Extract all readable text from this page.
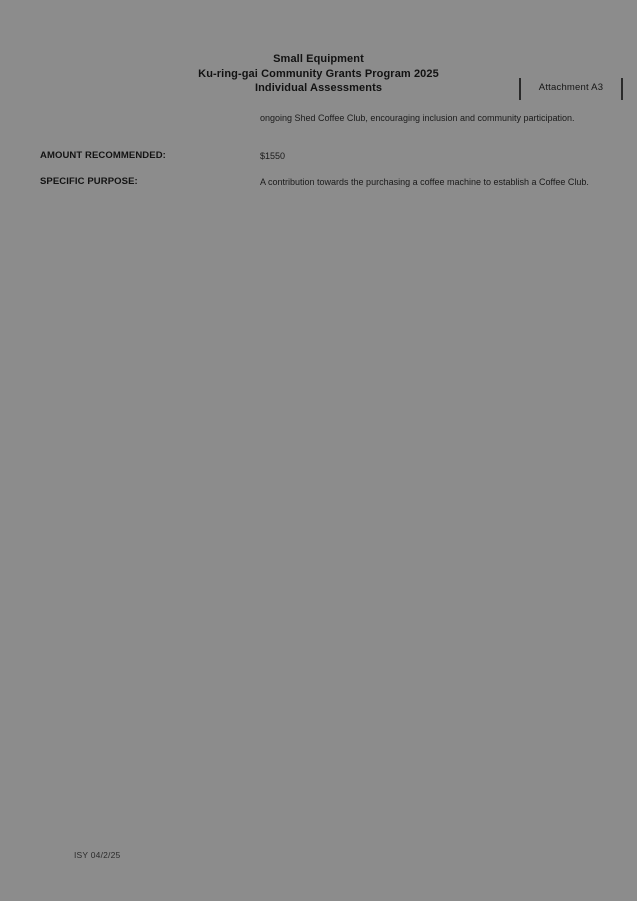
Small Equipment
Ku-ring-gai Community Grants Program 2025
Individual Assessments	Attachment A3
ongoing Shed Coffee Club, encouraging inclusion and community participation.
AMOUNT RECOMMENDED:	$1550
SPECIFIC PURPOSE:	A contribution towards the purchasing a coffee machine to establish a Coffee Club.
ISY 04/2/25
